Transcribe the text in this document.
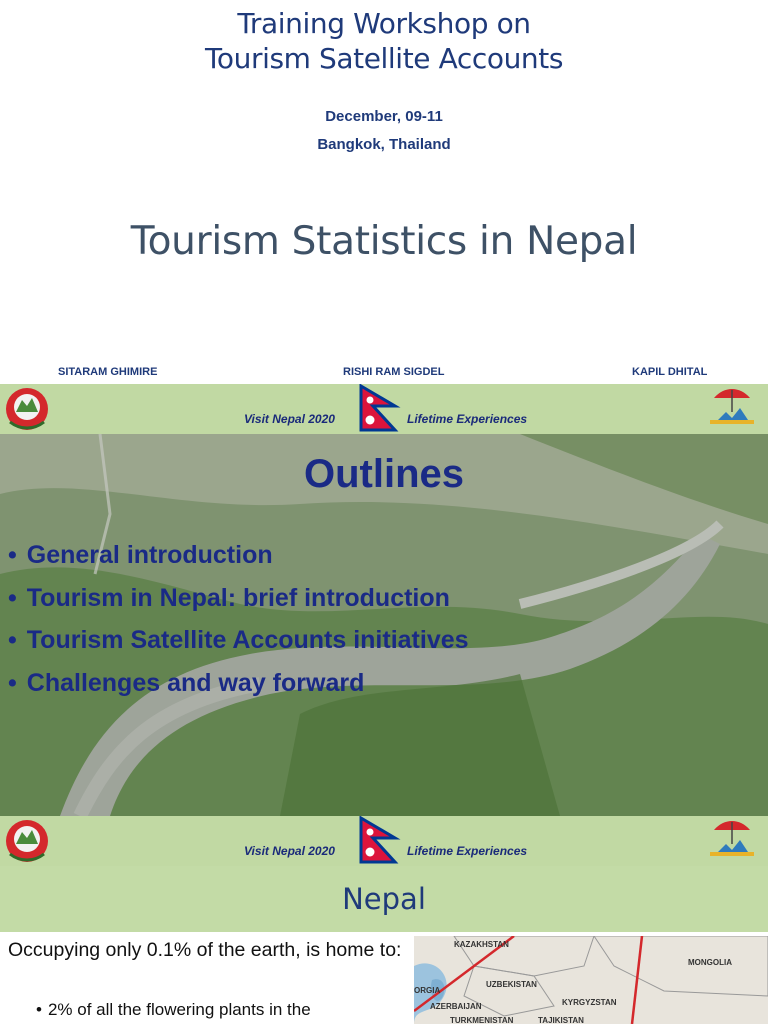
Training Workshop on
Tourism Satellite Accounts
December, 09-11
Bangkok, Thailand
Tourism Statistics in Nepal
SITARAM GHIMIRE	RISHI RAM SIGDEL	KAPIL DHITAL
Visit Nepal 2020	Lifetime Experiences
Outlines
• General introduction
• Tourism in Nepal: brief introduction
• Tourism Satellite Accounts initiatives
• Challenges and way forward
Visit Nepal 2020	Lifetime Experiences
Nepal
Occupying only 0.1% of the earth, is home to:
• 2% of all the flowering plants in the
KAZAKHSTAN
MONGOLIA
UZBEKISTAN
KYRGYZSTAN
AZERBAIJAN
TURKMENISTAN	TAJIKISTAN
ORGIA
